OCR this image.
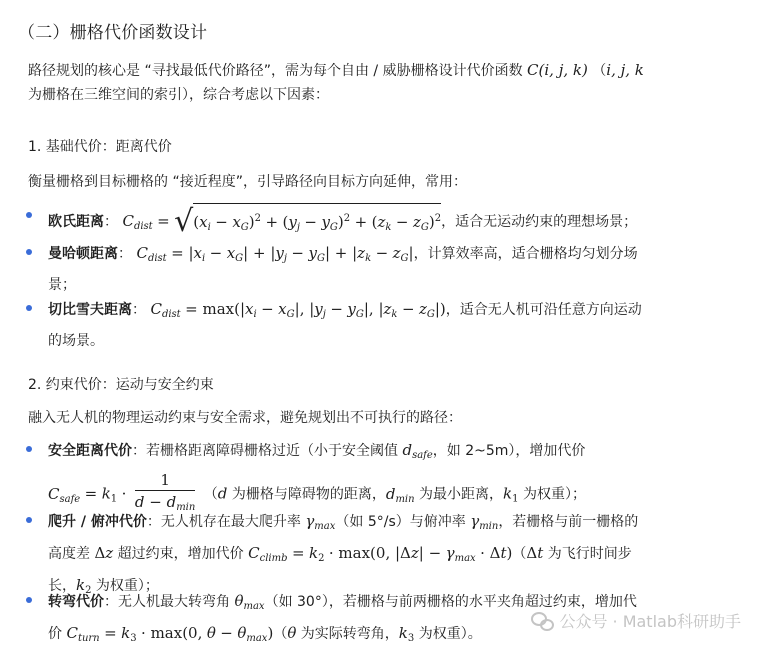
（二）栅格代价函数设计
路径规划的核心是 “寻找最低代价路径”，需为每个自由 / 威胁栅格设计代价函数 C(i, j, k) （i, j, k
为栅格在三维空间的索引），综合考虑以下因素：
1. 基础代价：距离代价
衡量栅格到目标栅格的 “接近程度”，引导路径向目标方向延伸，常用：
欧氏距离： $C_{dist} = √(x_i - x_G)^2 + (y_j - y_G)^2 + (z_k - z_G)^2$，适合无运动约束的理想场景；
曼哈顿距离： $C_{dist} = |x_i - x_G| + |y_j - y_G| + |z_k - z_G|$，计算效率高，适合栅格均匀划分场
景；
切比雪夫距离： $C_{dist} = \max(|x_i - x_G|$, $|y_j - y_G|$, $|z_k - z_G|$)，适合无人机可沿任意方向运动
的场景。
2. 约束代价：运动与安全约束
融入无人机的物理运动约束与安全需求，避免规划出不可执行的路径：
安全距离代价：若栅格距离障碍栅格过近（小于安全阈值 $d_{safe}$，如 2~5m），增加代价
$C_{safe} = k_1 \cdot \frac{1}{d - d_{min}} (d$ 为栅格与障碍物的距离，$d_{min}$ 为最小距离，$k_1$ 为权重）；
爬升 / 俯冲代价：无人机存在最大爬升率 $\gamma_{max}$（如 5°/s）与俯冲率 $\gamma_{min}$，若栅格与前一栅格的
高度差 Δz 超过约束，增加代价 $C_{climb} = k_2 \cdot \max(0$, $|\Delta z| - \gamma_{max} \cdot \Delta t)(\Delta t$ 为飞行时间步
长，$k_2$ 为权重）；
转弯代价：无人机最大转弯角 $\theta_{max}$（如 30°），若栅格与前两栅格的水平夹角超过约束，增加代
价 $C_{turn} = k_3 \cdot \max(0$, $\theta - \theta_{max})(\theta$ 为实际转弯角，$k_3$ 为权重）。
公众号 · Matlab科研助手
